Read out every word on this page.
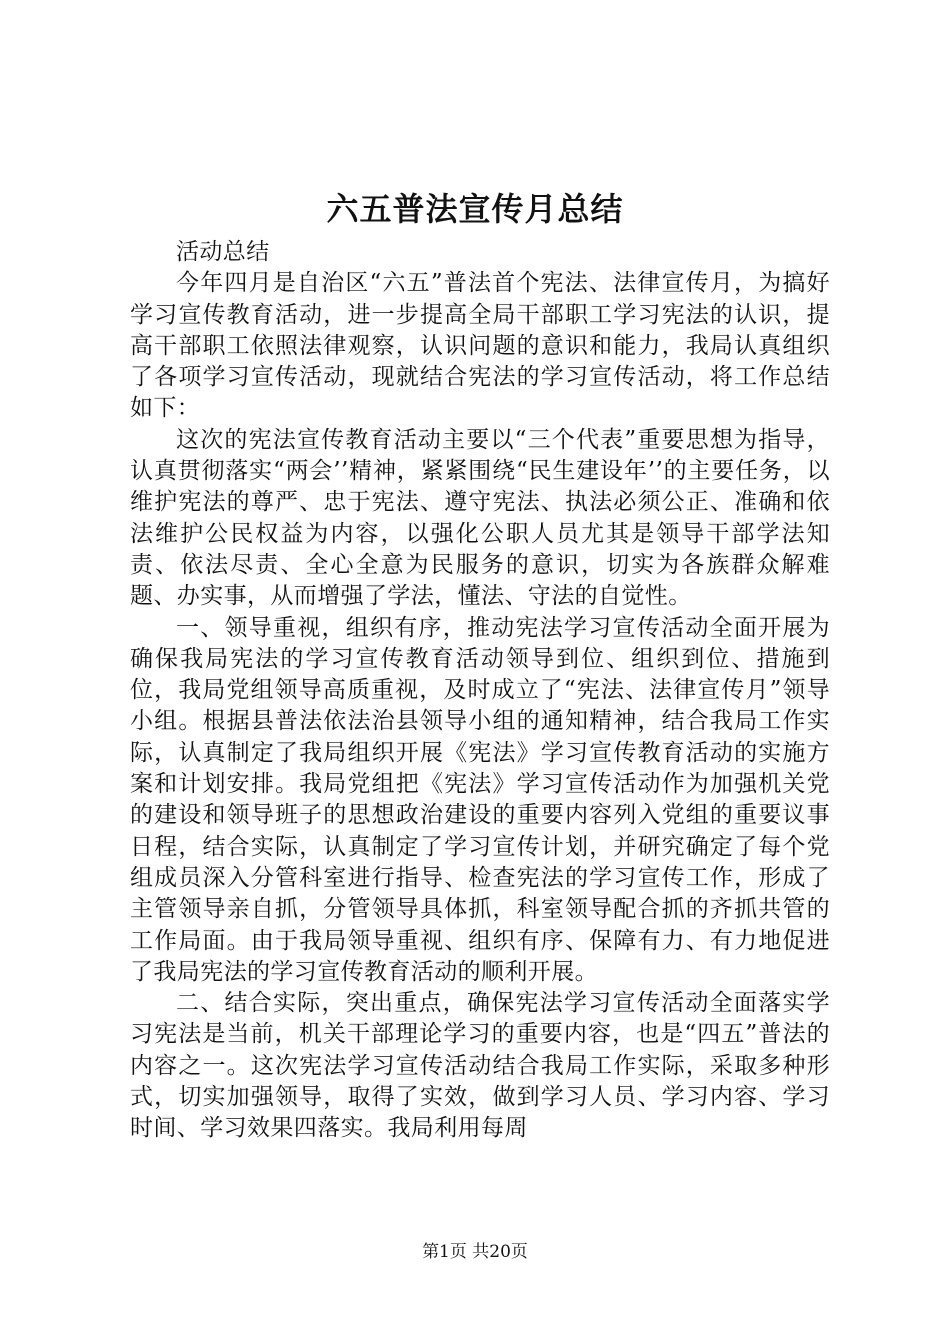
六五普法宣传月总结

活动总结

今年四月是自治区“六五”普法首个宪法、法律宣传月，为搞好学习宣传教育活动，进一步提高全局干部职工学习宪法的认识，提高干部职工依照法律观察，认识问题的意识和能力，我局认真组织了各项学习宣传活动，现就结合宪法的学习宣传活动，将工作总结如下：

这次的宪法宣传教育活动主要以“三个代表”重要思想为指导，认真贯彻落实“两会’’精神，紧紧围绕“民生建设年’’的主要任务，以维护宪法的尊严、忠于宪法、遵守宪法、执法必须公正、准确和依法维护公民权益为内容，以强化公职人员尤其是领导干部学法知责、依法尽责、全心全意为民服务的意识，切实为各族群众解难题、办实事，从而增强了学法，懂法、守法的自觉性。

一、领导重视，组织有序，推动宪法学习宣传活动全面开展为确保我局宪法的学习宣传教育活动领导到位、组织到位、措施到位，我局党组领导高质重视，及时成立了“宪法、法律宣传月”领导小组。根据县普法依法治县领导小组的通知精神，结合我局工作实际，认真制定了我局组织开展《宪法》学习宣传教育活动的实施方案和计划安排。我局党组把《宪法》学习宣传活动作为加强机关党的建设和领导班子的思想政治建设的重要内容列入党组的重要议事日程，结合实际，认真制定了学习宣传计划，并研究确定了每个党组成员深入分管科室进行指导、检查宪法的学习宣传工作，形成了主管领导亲自抓，分管领导具体抓，科室领导配合抓的齐抓共管的工作局面。由于我局领导重视、组织有序、保障有力、有力地促进了我局宪法的学习宣传教育活动的顺利开展。

二、结合实际，突出重点，确保宪法学习宣传活动全面落实学习宪法是当前，机关干部理论学习的重要内容，也是“四五”普法的内容之一。这次宪法学习宣传活动结合我局工作实际，采取多种形式，切实加强领导，取得了实效，做到学习人员、学习内容、学习时间、学习效果四落实。我局利用每周

第1页 共20页
